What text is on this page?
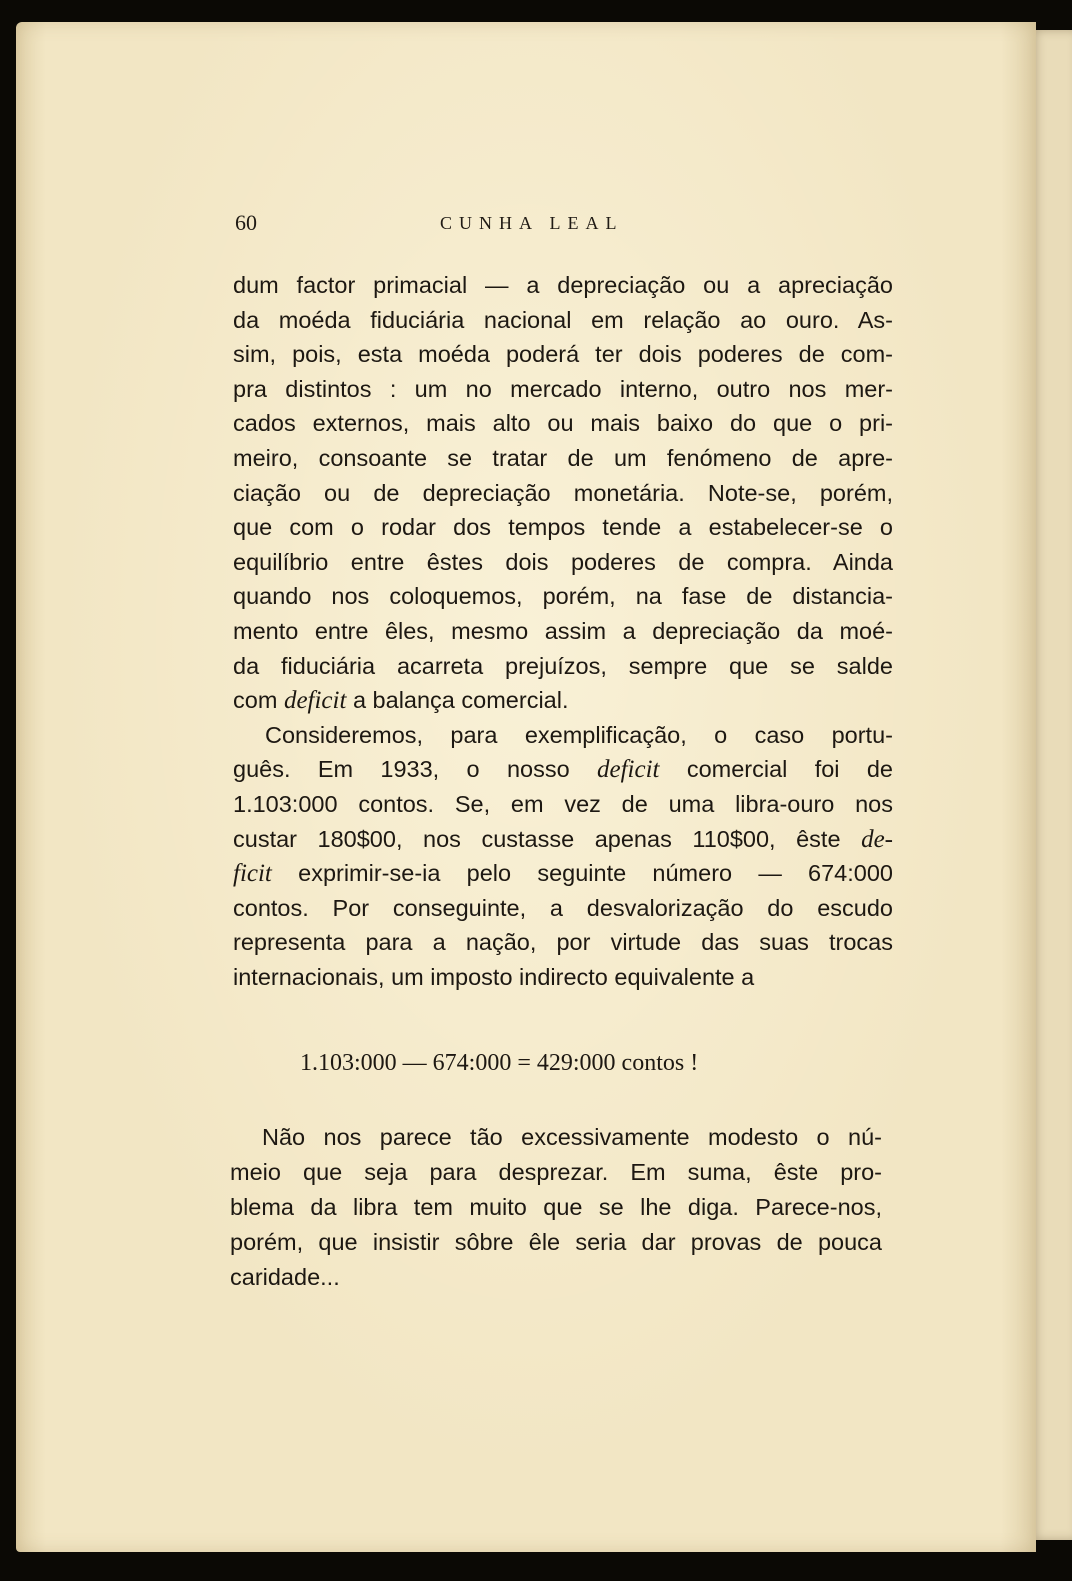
60	CUNHA LEAL

dum factor primacial — a depreciação ou a apreciação
da moéda fiduciária nacional em relação ao ouro. As-
sim, pois, esta moéda poderá ter dois poderes de com-
pra distintos : um no mercado interno, outro nos mer-
cados externos, mais alto ou mais baixo do que o pri-
meiro, consoante se tratar de um fenómeno de apre-
ciação ou de depreciação monetária. Note-se, porém,
que com o rodar dos tempos tende a estabelecer-se o
equilíbrio entre êstes dois poderes de compra. Ainda
quando nos coloquemos, porém, na fase de distancia-
mento entre êles, mesmo assim a depreciação da moé-
da fiduciária acarreta prejuízos, sempre que se salde
com deficit a balança comercial.

Consideremos, para exemplificação, o caso portu-
guês. Em 1933, o nosso deficit comercial foi de
1.103:000 contos. Se, em vez de uma libra-ouro nos
custar 180$00, nos custasse apenas 110$00, êste de-
ficit exprimir-se-ia pelo seguinte número — 674:000
contos. Por conseguinte, a desvalorização do escudo
representa para a nação, por virtude das suas trocas
internacionais, um imposto indirecto equivalente a

1.103:000 — 674:000 = 429:000 contos !
Não nos parece tão excessivamente modesto o nú-
meio que seja para desprezar. Em suma, êste pro-
blema da libra tem muito que se lhe diga. Parece-nos,
porém, que insistir sôbre êle seria dar provas de pouca
caridade...
